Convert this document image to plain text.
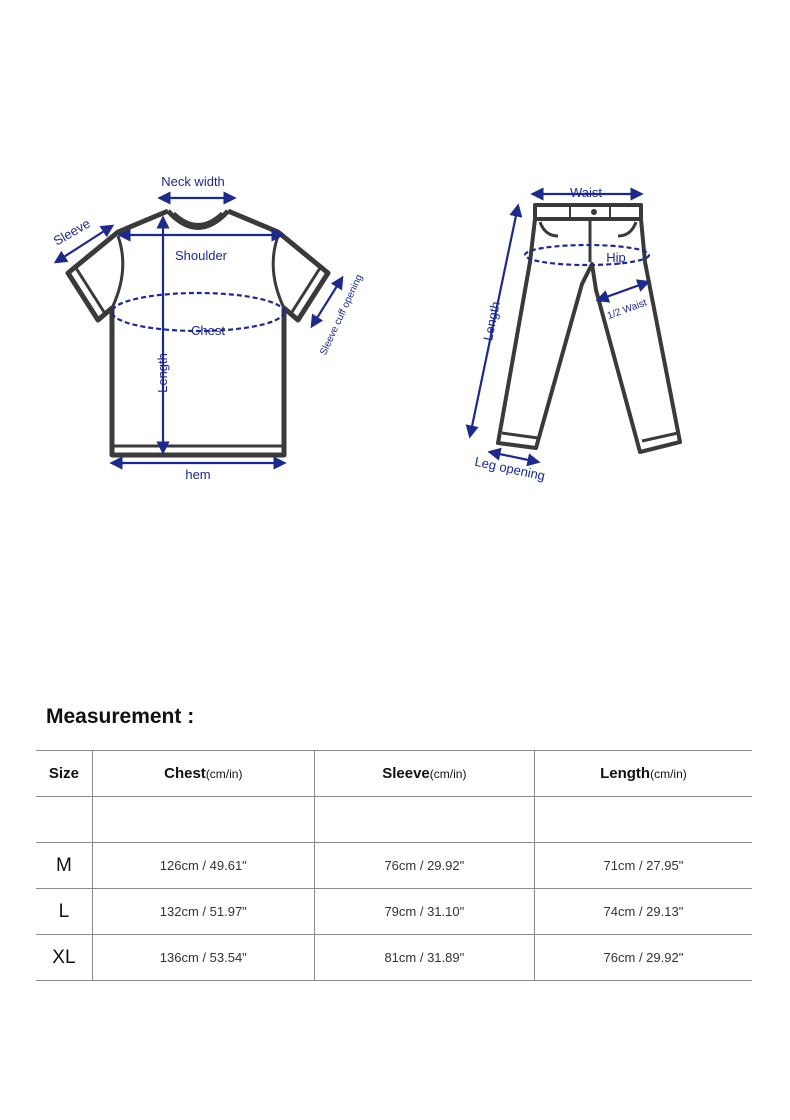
Neck width
Sleeve
Shoulder
Chest
Length
Sleeve cuff opening
hem
Waist
Hip
1/2 Waist
Length
Leg opening
Measurement :
Size	Chest(cm/in)	Sleeve(cm/in)	Length(cm/in)

M	126cm / 49.61"	76cm / 29.92"	71cm / 27.95"
L	132cm / 51.97"	79cm / 31.10"	74cm / 29.13"
XL	136cm / 53.54"	81cm / 31.89"	76cm / 29.92"
